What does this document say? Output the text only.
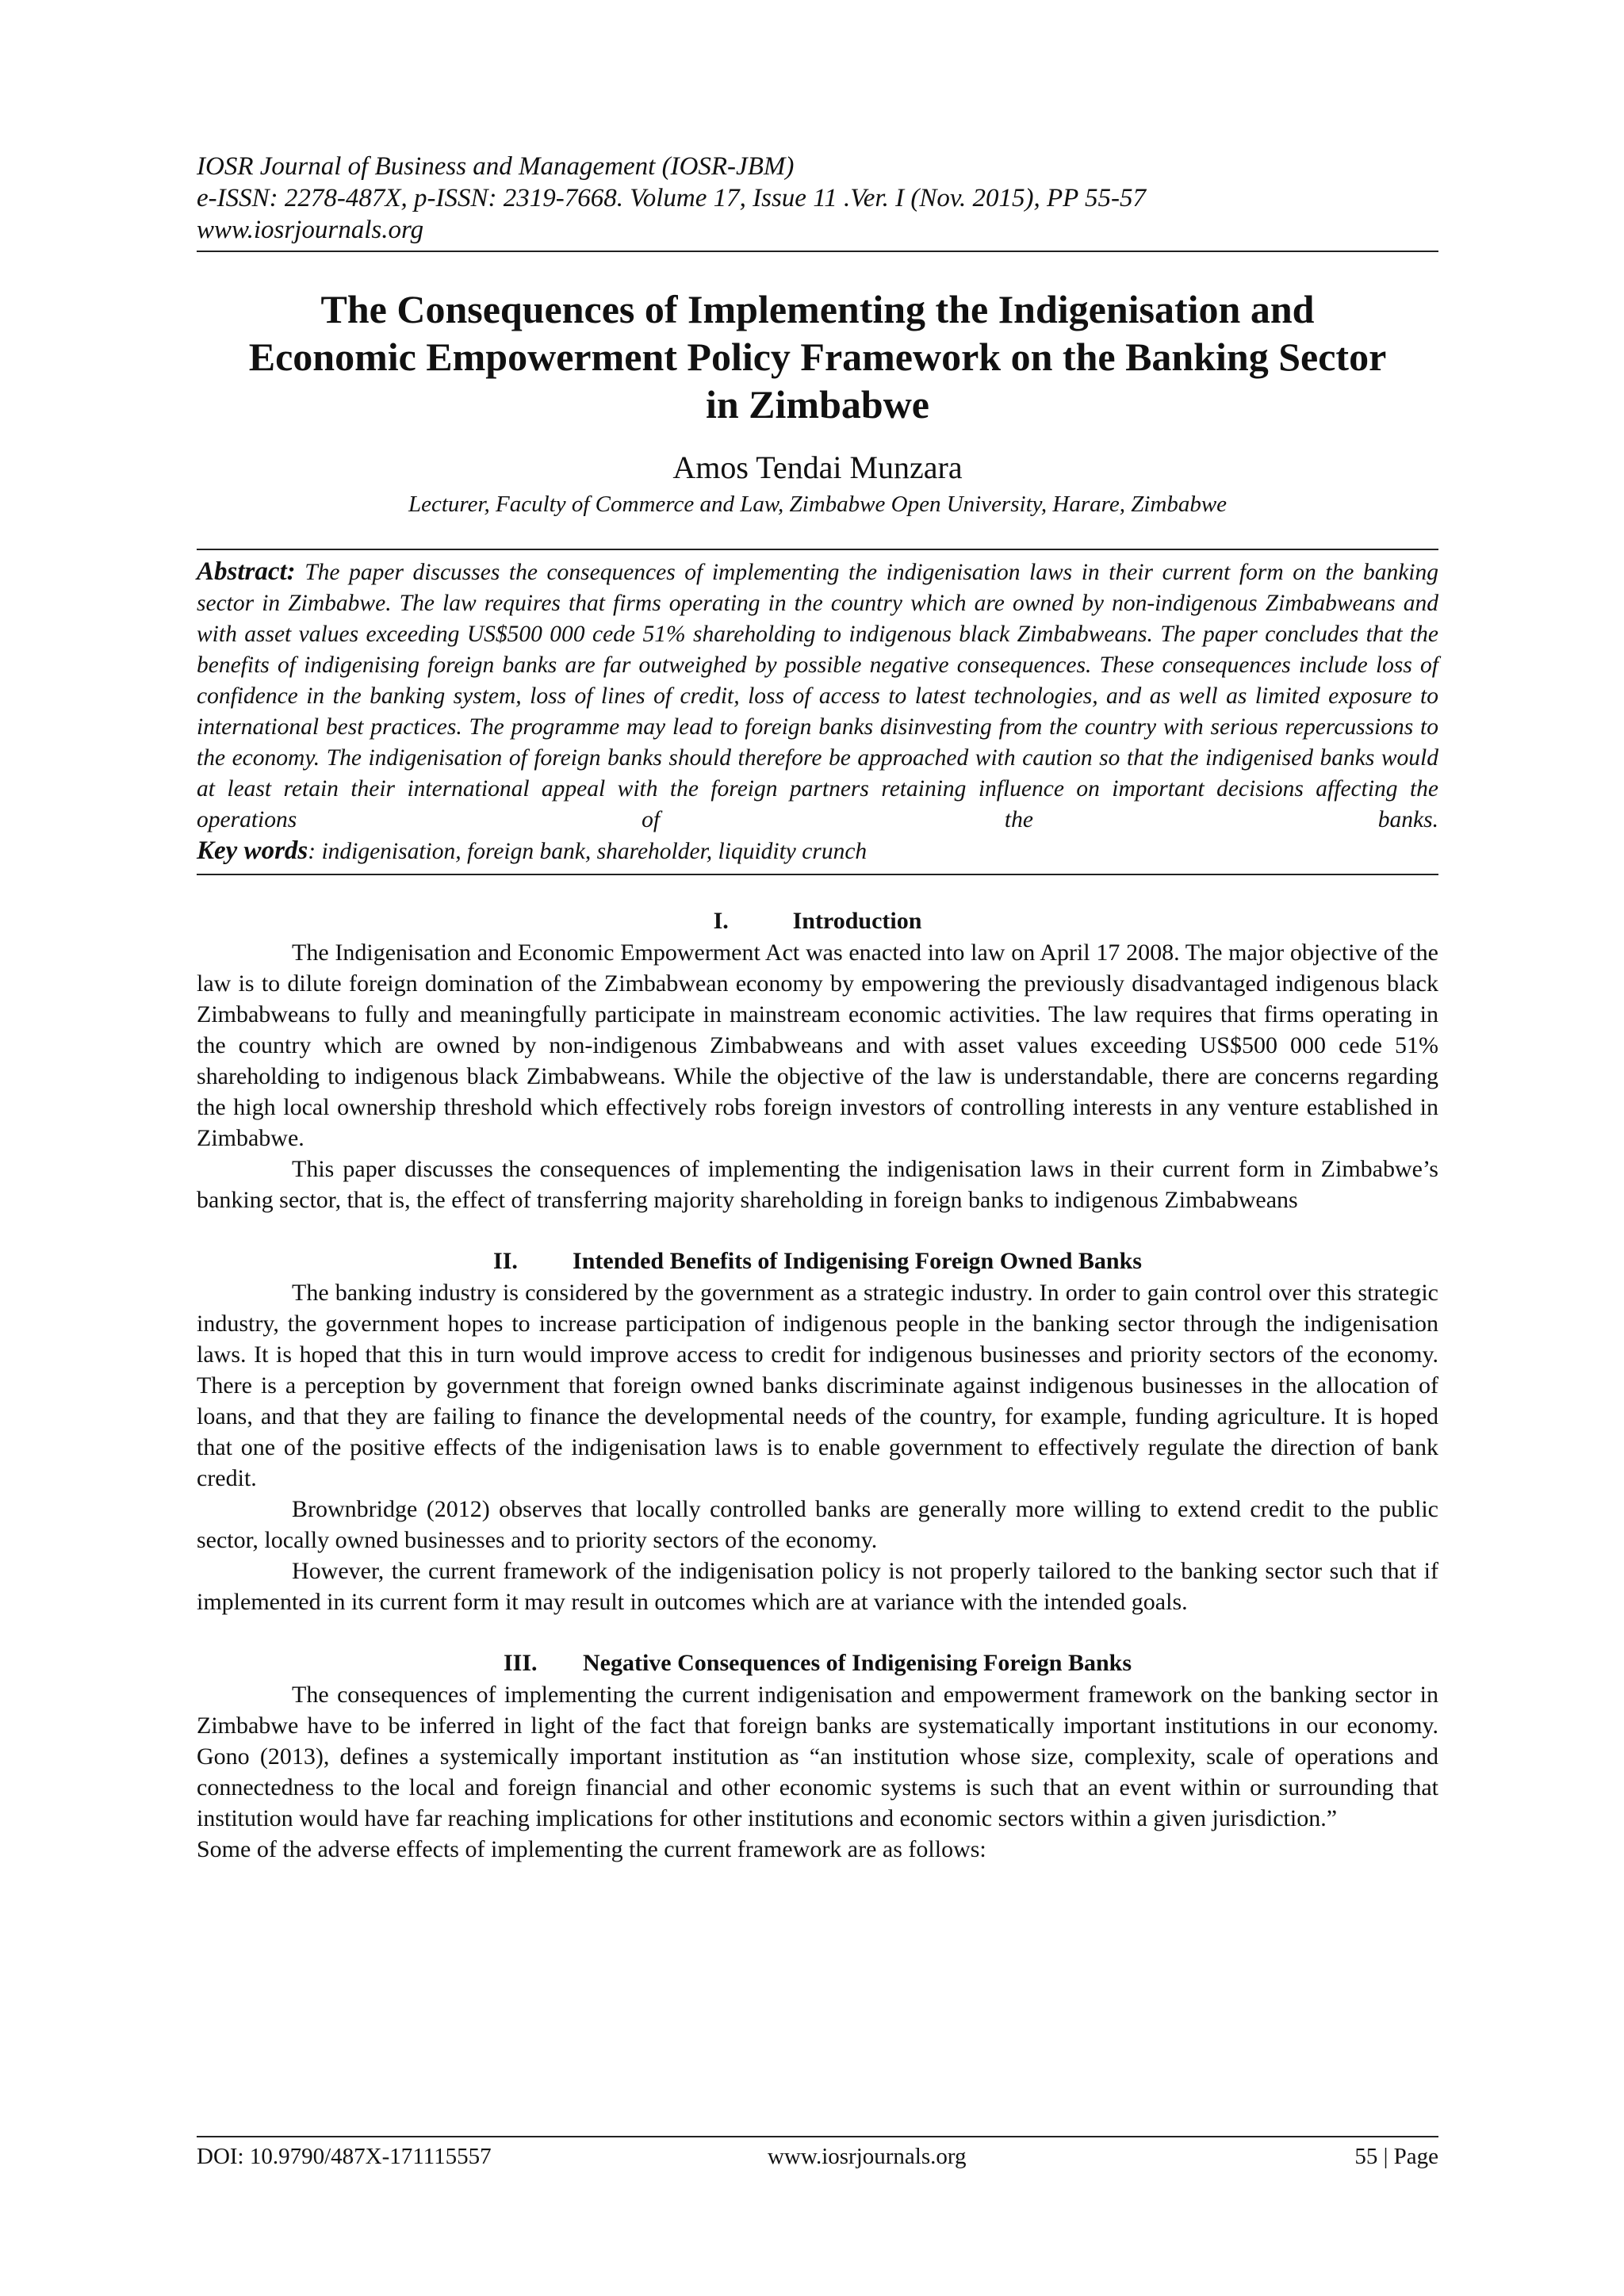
IOSR Journal of Business and Management (IOSR-JBM)
e-ISSN: 2278-487X, p-ISSN: 2319-7668. Volume 17, Issue 11 .Ver. I (Nov. 2015), PP 55-57
www.iosrjournals.org
The Consequences of Implementing the Indigenisation and Economic Empowerment Policy Framework on the Banking Sector in Zimbabwe
Amos Tendai Munzara
Lecturer, Faculty of Commerce and Law, Zimbabwe Open University, Harare, Zimbabwe

Abstract: The paper discusses the consequences of implementing the indigenisation laws in their current form on the banking sector in Zimbabwe. The law requires that firms operating in the country which are owned by non-indigenous Zimbabweans and with asset values exceeding US$500 000 cede 51% shareholding to indigenous black Zimbabweans. The paper concludes that the benefits of indigenising foreign banks are far outweighed by possible negative consequences. These consequences include loss of confidence in the banking system, loss of lines of credit, loss of access to latest technologies, and as well as limited exposure to international best practices. The programme may lead to foreign banks disinvesting from the country with serious repercussions to the economy. The indigenisation of foreign banks should therefore be approached with caution so that the indigenised banks would at least retain their international appeal with the foreign partners retaining influence on important decisions affecting the operations of the banks.

Key words: indigenisation, foreign bank, shareholder, liquidity crunch

I.	Introduction

The Indigenisation and Economic Empowerment Act was enacted into law on April 17 2008. The major objective of the law is to dilute foreign domination of the Zimbabwean economy by empowering the previously disadvantaged indigenous black Zimbabweans to fully and meaningfully participate in mainstream economic activities. The law requires that firms operating in the country which are owned by non-indigenous Zimbabweans and with asset values exceeding US$500 000 cede 51% shareholding to indigenous black Zimbabweans. While the objective of the law is understandable, there are concerns regarding the high local ownership threshold which effectively robs foreign investors of controlling interests in any venture established in Zimbabwe.

This paper discusses the consequences of implementing the indigenisation laws in their current form in Zimbabwe’s banking sector, that is, the effect of transferring majority shareholding in foreign banks to indigenous Zimbabweans

II. Intended Benefits of Indigenising Foreign Owned Banks

The banking industry is considered by the government as a strategic industry. In order to gain control over this strategic industry, the government hopes to increase participation of indigenous people in the banking sector through the indigenisation laws. It is hoped that this in turn would improve access to credit for indigenous businesses and priority sectors of the economy. There is a perception by government that foreign owned banks discriminate against indigenous businesses in the allocation of loans, and that they are failing to finance the developmental needs of the country, for example, funding agriculture. It is hoped that one of the positive effects of the indigenisation laws is to enable government to effectively regulate the direction of bank credit.

Brownbridge (2012) observes that locally controlled banks are generally more willing to extend credit to the public sector, locally owned businesses and to priority sectors of the economy.

However, the current framework of the indigenisation policy is not properly tailored to the banking sector such that if implemented in its current form it may result in outcomes which are at variance with the intended goals.

III. Negative Consequences of Indigenising Foreign Banks

The consequences of implementing the current indigenisation and empowerment framework on the banking sector in Zimbabwe have to be inferred in light of the fact that foreign banks are systematically important institutions in our economy. Gono (2013), defines a systemically important institution as “an institution whose size, complexity, scale of operations and connectedness to the local and foreign financial and other economic systems is such that an event within or surrounding that institution would have far reaching implications for other institutions and economic sectors within a given jurisdiction.”

Some of the adverse effects of implementing the current framework are as follows:

DOI: 10.9790/487X-171115557	www.iosrjournals.org	55 | Page
